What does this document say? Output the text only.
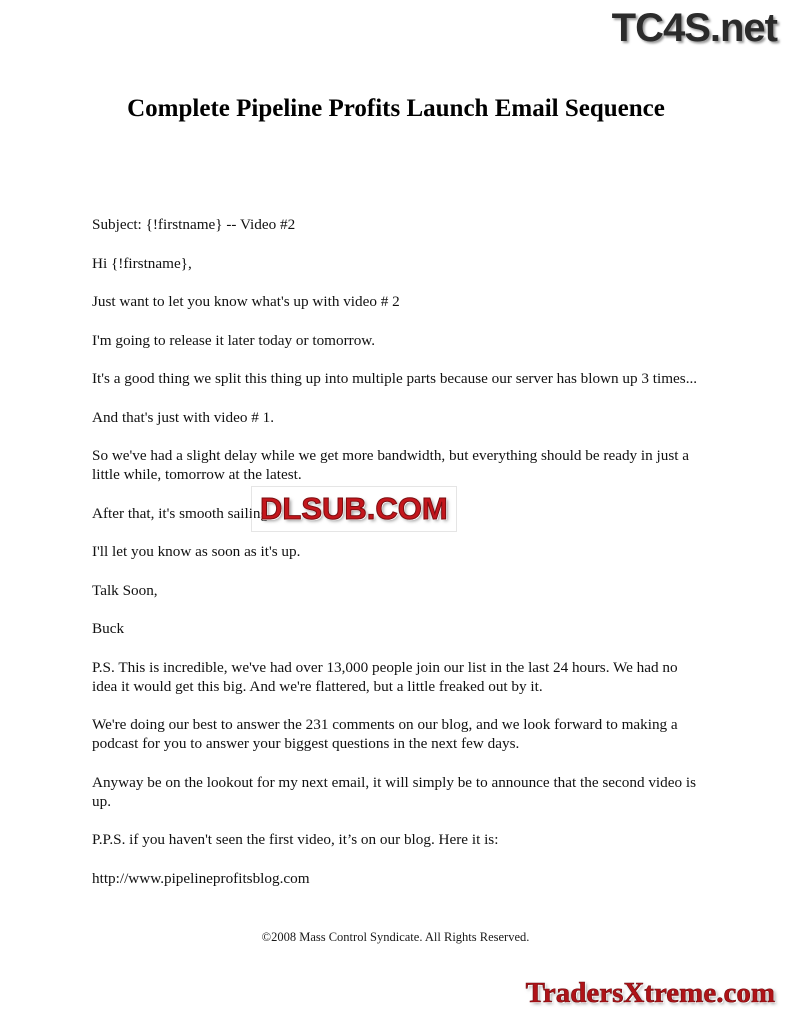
TC4S.net
Complete Pipeline Profits Launch Email Sequence

Subject: {!firstname} -- Video #2

Hi {!firstname},

Just want to let you know what's up with video # 2

I'm going to release it later today or tomorrow.

It's a good thing we split this thing up into multiple parts because our server has blown up 3 times...

And that's just with video # 1.

So we've had a slight delay while we get more bandwidth, but everything should be ready in just a little while, tomorrow at the latest.

After that, it's smooth sailing.

I'll let you know as soon as it's up.

Talk Soon,

Buck

P.S. This is incredible, we've had over 13,000 people join our list in the last 24 hours. We had no idea it would get this big. And we're flattered, but a little freaked out by it.

We're doing our best to answer the 231 comments on our blog, and we look forward to making a podcast for you to answer your biggest questions in the next few days.

Anyway be on the lookout for my next email, it will simply be to announce that the second video is up.

P.P.S. if you haven't seen the first video, it’s on our blog. Here it is:

http://www.pipelineprofitsblog.com

©2008 Mass Control Syndicate. All Rights Reserved.
DLSUB.COM
TradersXtreme.com
